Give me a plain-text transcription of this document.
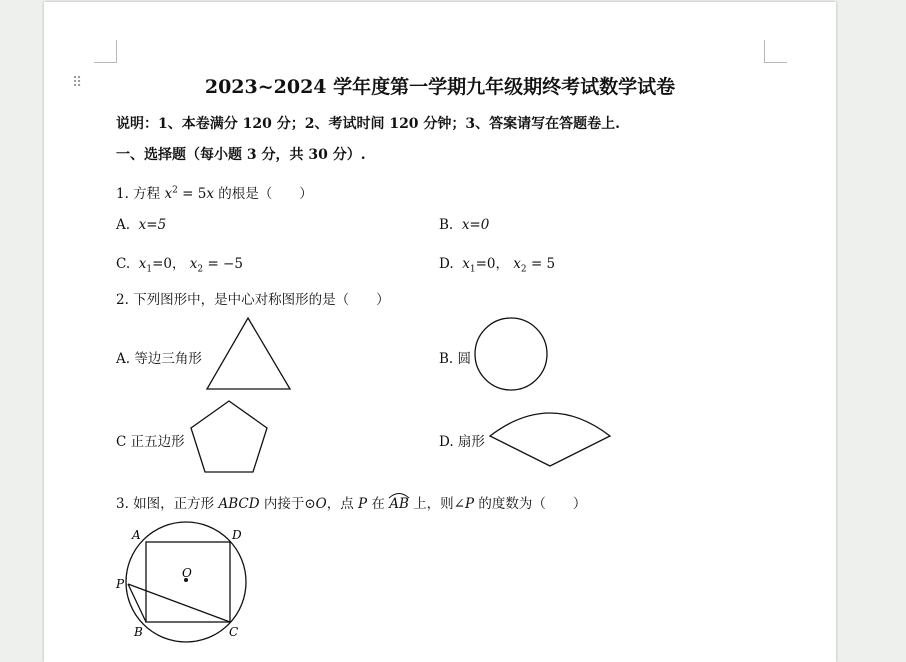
⠿	2023~2024 学年度第一学期九年级期终考试数学试卷
说明：1、本卷满分 120 分；2、考试时间 120 分钟；3、答案请写在答题卷上.
一、选择题（每小题 3 分，共 30 分）.
1. 方程 $x^2 = 5x$ 的根是（　　）
A. x=5	B. x=0
C. $x_1=0$， $x_2 = -5$	D. $x_1=0$， $x_2 = 5$
2. 下列图形中，是中心对称图形的是（　　）
A. 等边三角形	B. 圆
C 正五边形	D. 扇形
3. 如图，正方形 ABCD 内接于⊙O，点 P 在 AB 上，则∠P 的度数为（　　）
A	D
O
P
B	C
